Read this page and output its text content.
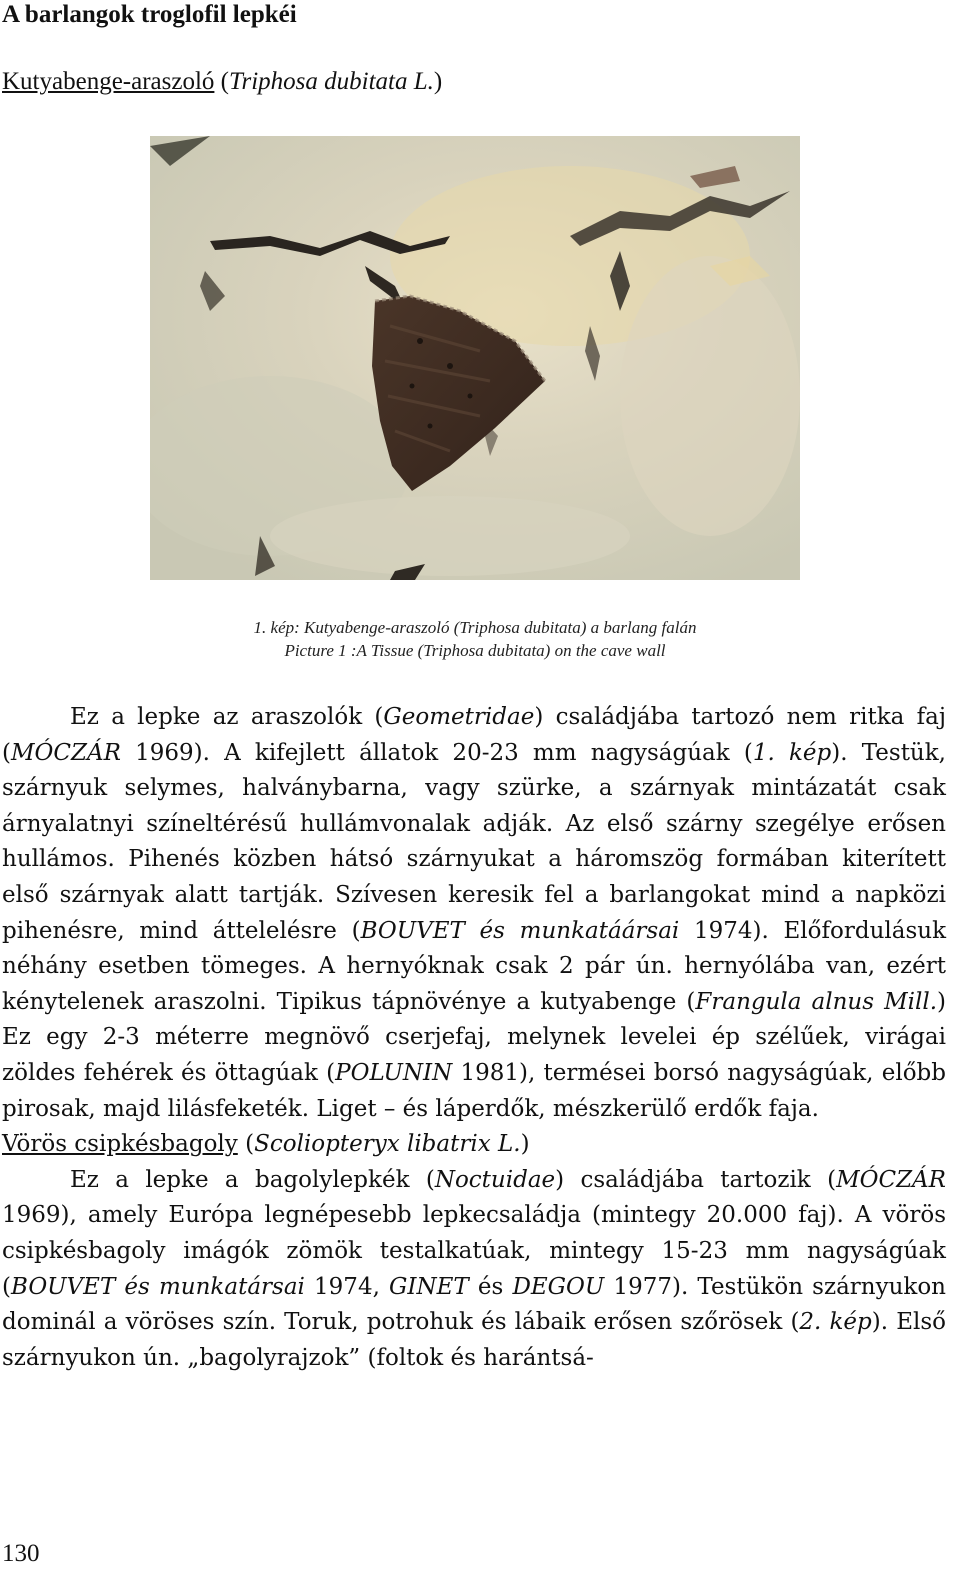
A barlangok troglofil lepkéi
Kutyabenge-araszoló (Triphosa dubitata L.)
1. kép: Kutyabenge-araszoló (Triphosa dubitata) a barlang falán
Picture 1 :A Tissue (Triphosa dubitata) on the cave wall
Ez a lepke az araszolók (Geometridae) családjába tartozó nem ritka faj (MÓCZÁR 1969). A kifejlett állatok 20-23 mm nagyságúak (1. kép). Testük, szárnyuk selymes, halványbarna, vagy szürke, a szárnyak mintázatát csak árnyalatnyi színeltérésű hullámvonalak adják. Az első szárny szegélye erősen hullámos. Pihenés közben hátsó szárnyukat a háromszög formában kiterített első szárnyak alatt tartják. Szívesen keresik fel a barlangokat mind a napközi pihenésre, mind áttelelésre (BOUVET és munkatáársai 1974). Előfordulásuk néhány esetben tömeges. A hernyóknak csak 2 pár ún. hernyólába van, ezért kénytelenek araszolni. Tipikus tápnövénye a kutyabenge (Frangula alnus Mill.) Ez egy 2-3 méterre megnövő cserjefaj, melynek levelei ép szélűek, virágai zöldes fehérek és öttagúak (POLUNIN 1981), termései borsó nagyságúak, előbb pirosak, majd lilásfeketék. Liget – és láperdők, mészkerülő erdők faja.
Vörös csipkésbagoly (Scoliopteryx libatrix L.)
Ez a lepke a bagolylepkék (Noctuidae) családjába tartozik (MÓCZÁR 1969), amely Európa legnépesebb lepkecsaládja (mintegy 20.000 faj). A vörös csipkésbagoly imágók zömök testalkatúak, mintegy 15-23 mm nagyságúak (BOUVET és munkatársai 1974, GINET és DEGOU 1977). Testükön szárnyukon dominál a vöröses szín. Toruk, potrohuk és lábaik erősen szőrösek (2. kép). Első szárnyukon ún. „bagolyrajzok” (foltok és harántsá-
130
